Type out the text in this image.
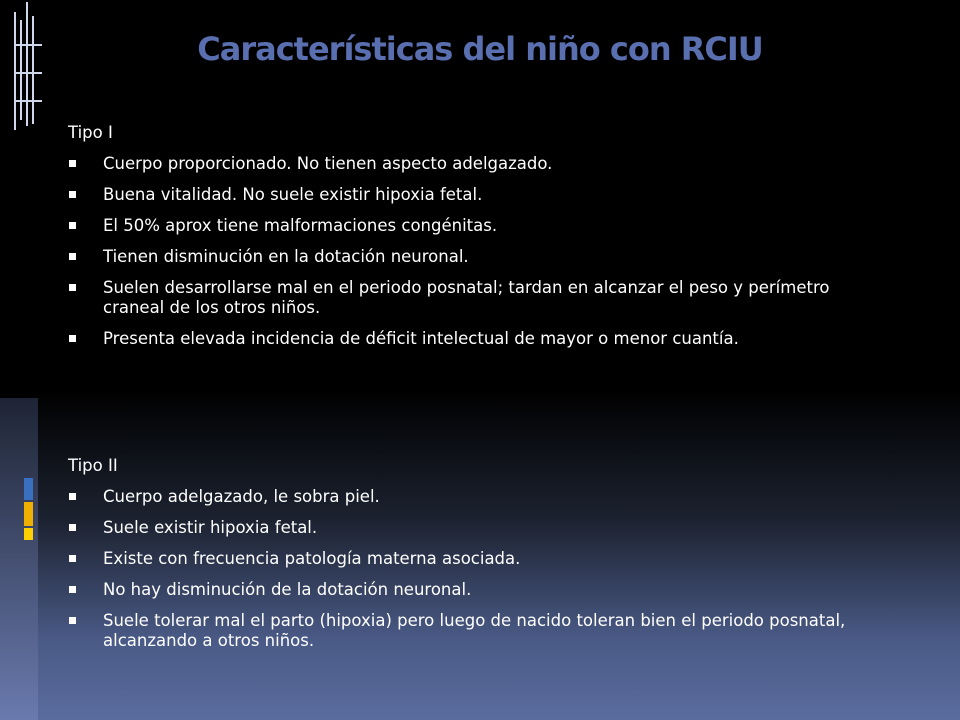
Características del niño con RCIU
Tipo I
Cuerpo proporcionado. No tienen aspecto adelgazado.
Buena vitalidad. No suele existir hipoxia fetal.
El 50% aprox tiene malformaciones congénitas.
Tienen disminución en la dotación neuronal.
Suelen desarrollarse mal en el periodo posnatal; tardan en alcanzar el peso y perímetro craneal de los otros niños.
Presenta elevada incidencia de déficit intelectual de mayor o menor cuantía.
Tipo II
Cuerpo adelgazado, le sobra piel.
Suele existir hipoxia fetal.
Existe con frecuencia patología materna asociada.
No hay disminución de la dotación neuronal.
Suele tolerar mal el parto (hipoxia) pero luego de nacido toleran bien el periodo posnatal, alcanzando a otros niños.
